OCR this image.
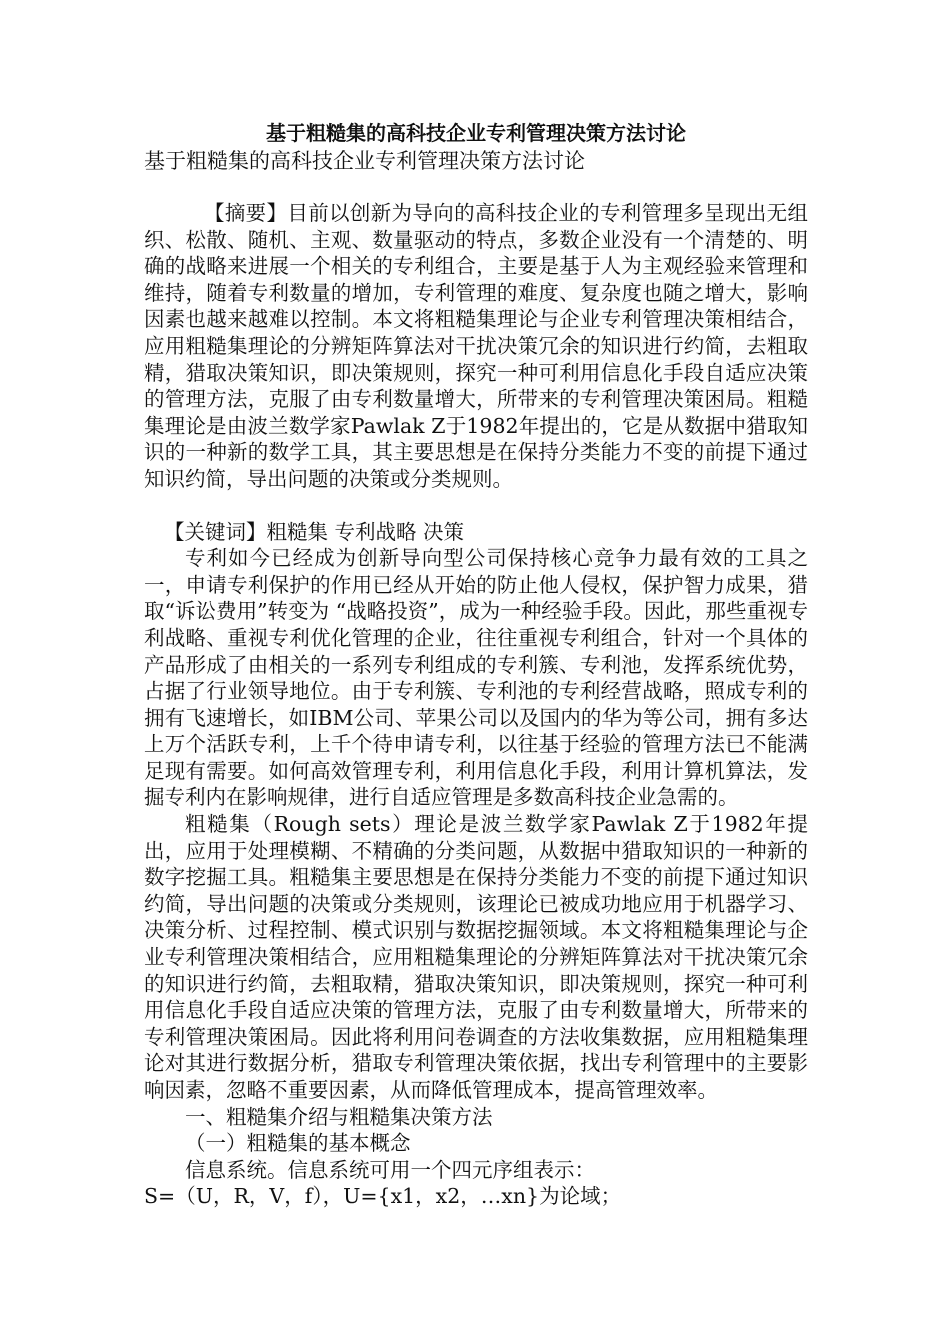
基于粗糙集的高科技企业专利管理决策方法讨论

基于粗糙集的高科技企业专利管理决策方法讨论

【摘要】目前以创新为导向的高科技企业的专利管理多呈现出无组织、松散、随机、主观、数量驱动的特点，多数企业没有一个清楚的、明确的战略来进展一个相关的专利组合，主要是基于人为主观经验来管理和维持，随着专利数量的增加，专利管理的难度、复杂度也随之增大，影响因素也越来越难以控制。本文将粗糙集理论与企业专利管理决策相结合，应用粗糙集理论的分辨矩阵算法对干扰决策冗余的知识进行约简，去粗取精，猎取决策知识，即决策规则，探究一种可利用信息化手段自适应决策的管理方法，克服了由专利数量增大，所带来的专利管理决策困局。粗糙集理论是由波兰数学家Pawlak Z于1982年提出的，它是从数据中猎取知识的一种新的数学工具，其主要思想是在保持分类能力不变的前提下通过知识约简，导出问题的决策或分类规则。

【关键词】粗糙集 专利战略 决策

专利如今已经成为创新导向型公司保持核心竞争力最有效的工具之一，申请专利保护的作用已经从开始的防止他人侵权，保护智力成果，猎取“诉讼费用”转变为 “战略投资”，成为一种经验手段。因此，那些重视专利战略、重视专利优化管理的企业，往往重视专利组合，针对一个具体的产品形成了由相关的一系列专利组成的专利簇、专利池，发挥系统优势，占据了行业领导地位。由于专利簇、专利池的专利经营战略，照成专利的拥有飞速增长，如IBM公司、苹果公司以及国内的华为等公司，拥有多达上万个活跃专利，上千个待申请专利，以往基于经验的管理方法已不能满足现有需要。如何高效管理专利，利用信息化手段，利用计算机算法，发掘专利内在影响规律，进行自适应管理是多数高科技企业急需的。

粗糙集（Rough sets）理论是波兰数学家Pawlak Z于1982年提出，应用于处理模糊、不精确的分类问题，从数据中猎取知识的一种新的数字挖掘工具。粗糙集主要思想是在保持分类能力不变的前提下通过知识约简，导出问题的决策或分类规则，该理论已被成功地应用于机器学习、决策分析、过程控制、模式识别与数据挖掘领域。本文将粗糙集理论与企业专利管理决策相结合，应用粗糙集理论的分辨矩阵算法对干扰决策冗余的知识进行约简，去粗取精，猎取决策知识，即决策规则，探究一种可利用信息化手段自适应决策的管理方法，克服了由专利数量增大，所带来的专利管理决策困局。因此将利用问卷调查的方法收集数据，应用粗糙集理论对其进行数据分析，猎取专利管理决策依据，找出专利管理中的主要影响因素，忽略不重要因素，从而降低管理成本，提高管理效率。

一、粗糙集介绍与粗糙集决策方法

（一）粗糙集的基本概念

信息系统。信息系统可用一个四元序组表示：

S=（U，R，V，f），U={x1，x2，…xn}为论域；
